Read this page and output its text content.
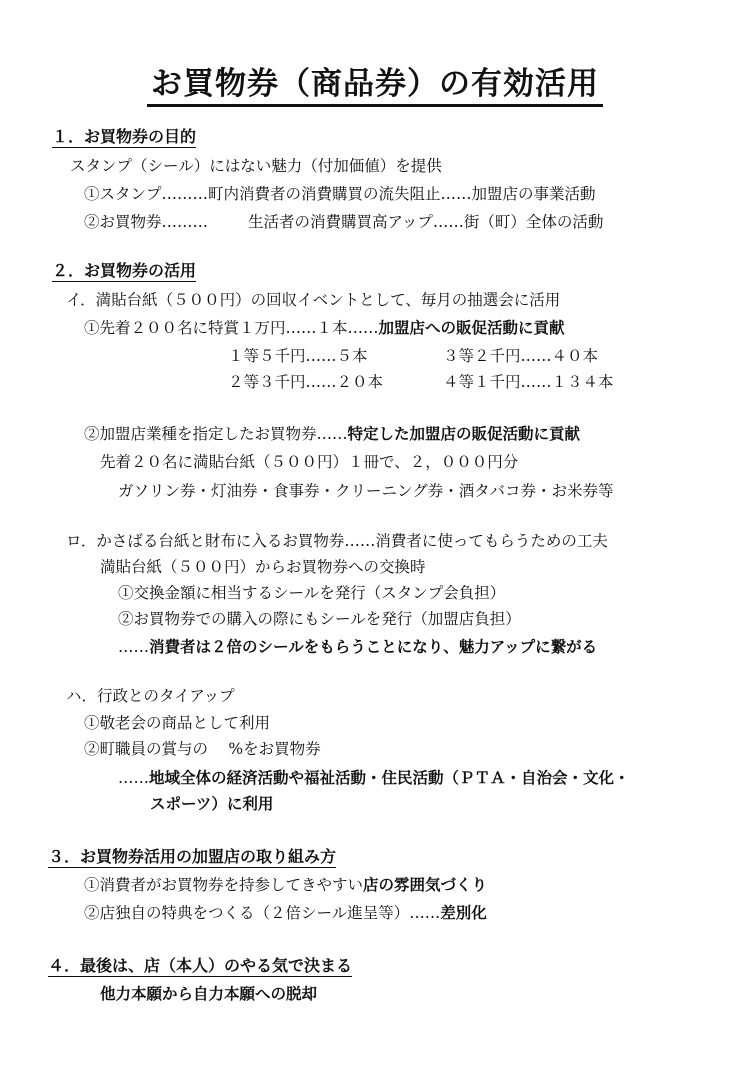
お買物券（商品券）の有効活用
１．お買物券の目的
スタンプ（シール）にはない魅力（付加価値）を提供
①スタンプ………町内消費者の消費購買の流失阻止……加盟店の事業活動
②お買物券………	生活者の消費購買高アップ……街（町）全体の活動
２．お買物券の活用
イ．満貼台紙（５００円）の回収イベントとして、毎月の抽選会に活用
①先着２００名に特賞１万円……１本……加盟店への販促活動に貢献
１等５千円……５本	３等２千円……４０本
２等３千円……２０本	４等１千円……１３４本
②加盟店業種を指定したお買物券……特定した加盟店の販促活動に貢献
先着２０名に満貼台紙（５００円）１冊で、２，０００円分
ガソリン券・灯油券・食事券・クリーニング券・酒タバコ券・お米券等
ロ．かさばる台紙と財布に入るお買物券……消費者に使ってもらうための工夫
満貼台紙（５００円）からお買物券への交換時
①交換金額に相当するシールを発行（スタンプ会負担）
②お買物券での購入の際にもシールを発行（加盟店負担）
……消費者は２倍のシールをもらうことになり、魅力アップに繋がる
ハ．行政とのタイアップ
①敬老会の商品として利用
②町職員の賞与の　 %をお買物券
……地域全体の経済活動や福祉活動・住民活動（ＰＴＡ・自治会・文化・
スポーツ）に利用
３．お買物券活用の加盟店の取り組み方
①消費者がお買物券を持参してきやすい店の雰囲気づくり
②店独自の特典をつくる（２倍シール進呈等）……差別化
４．最後は、店（本人）のやる気で決まる
他力本願から自力本願への脱却
